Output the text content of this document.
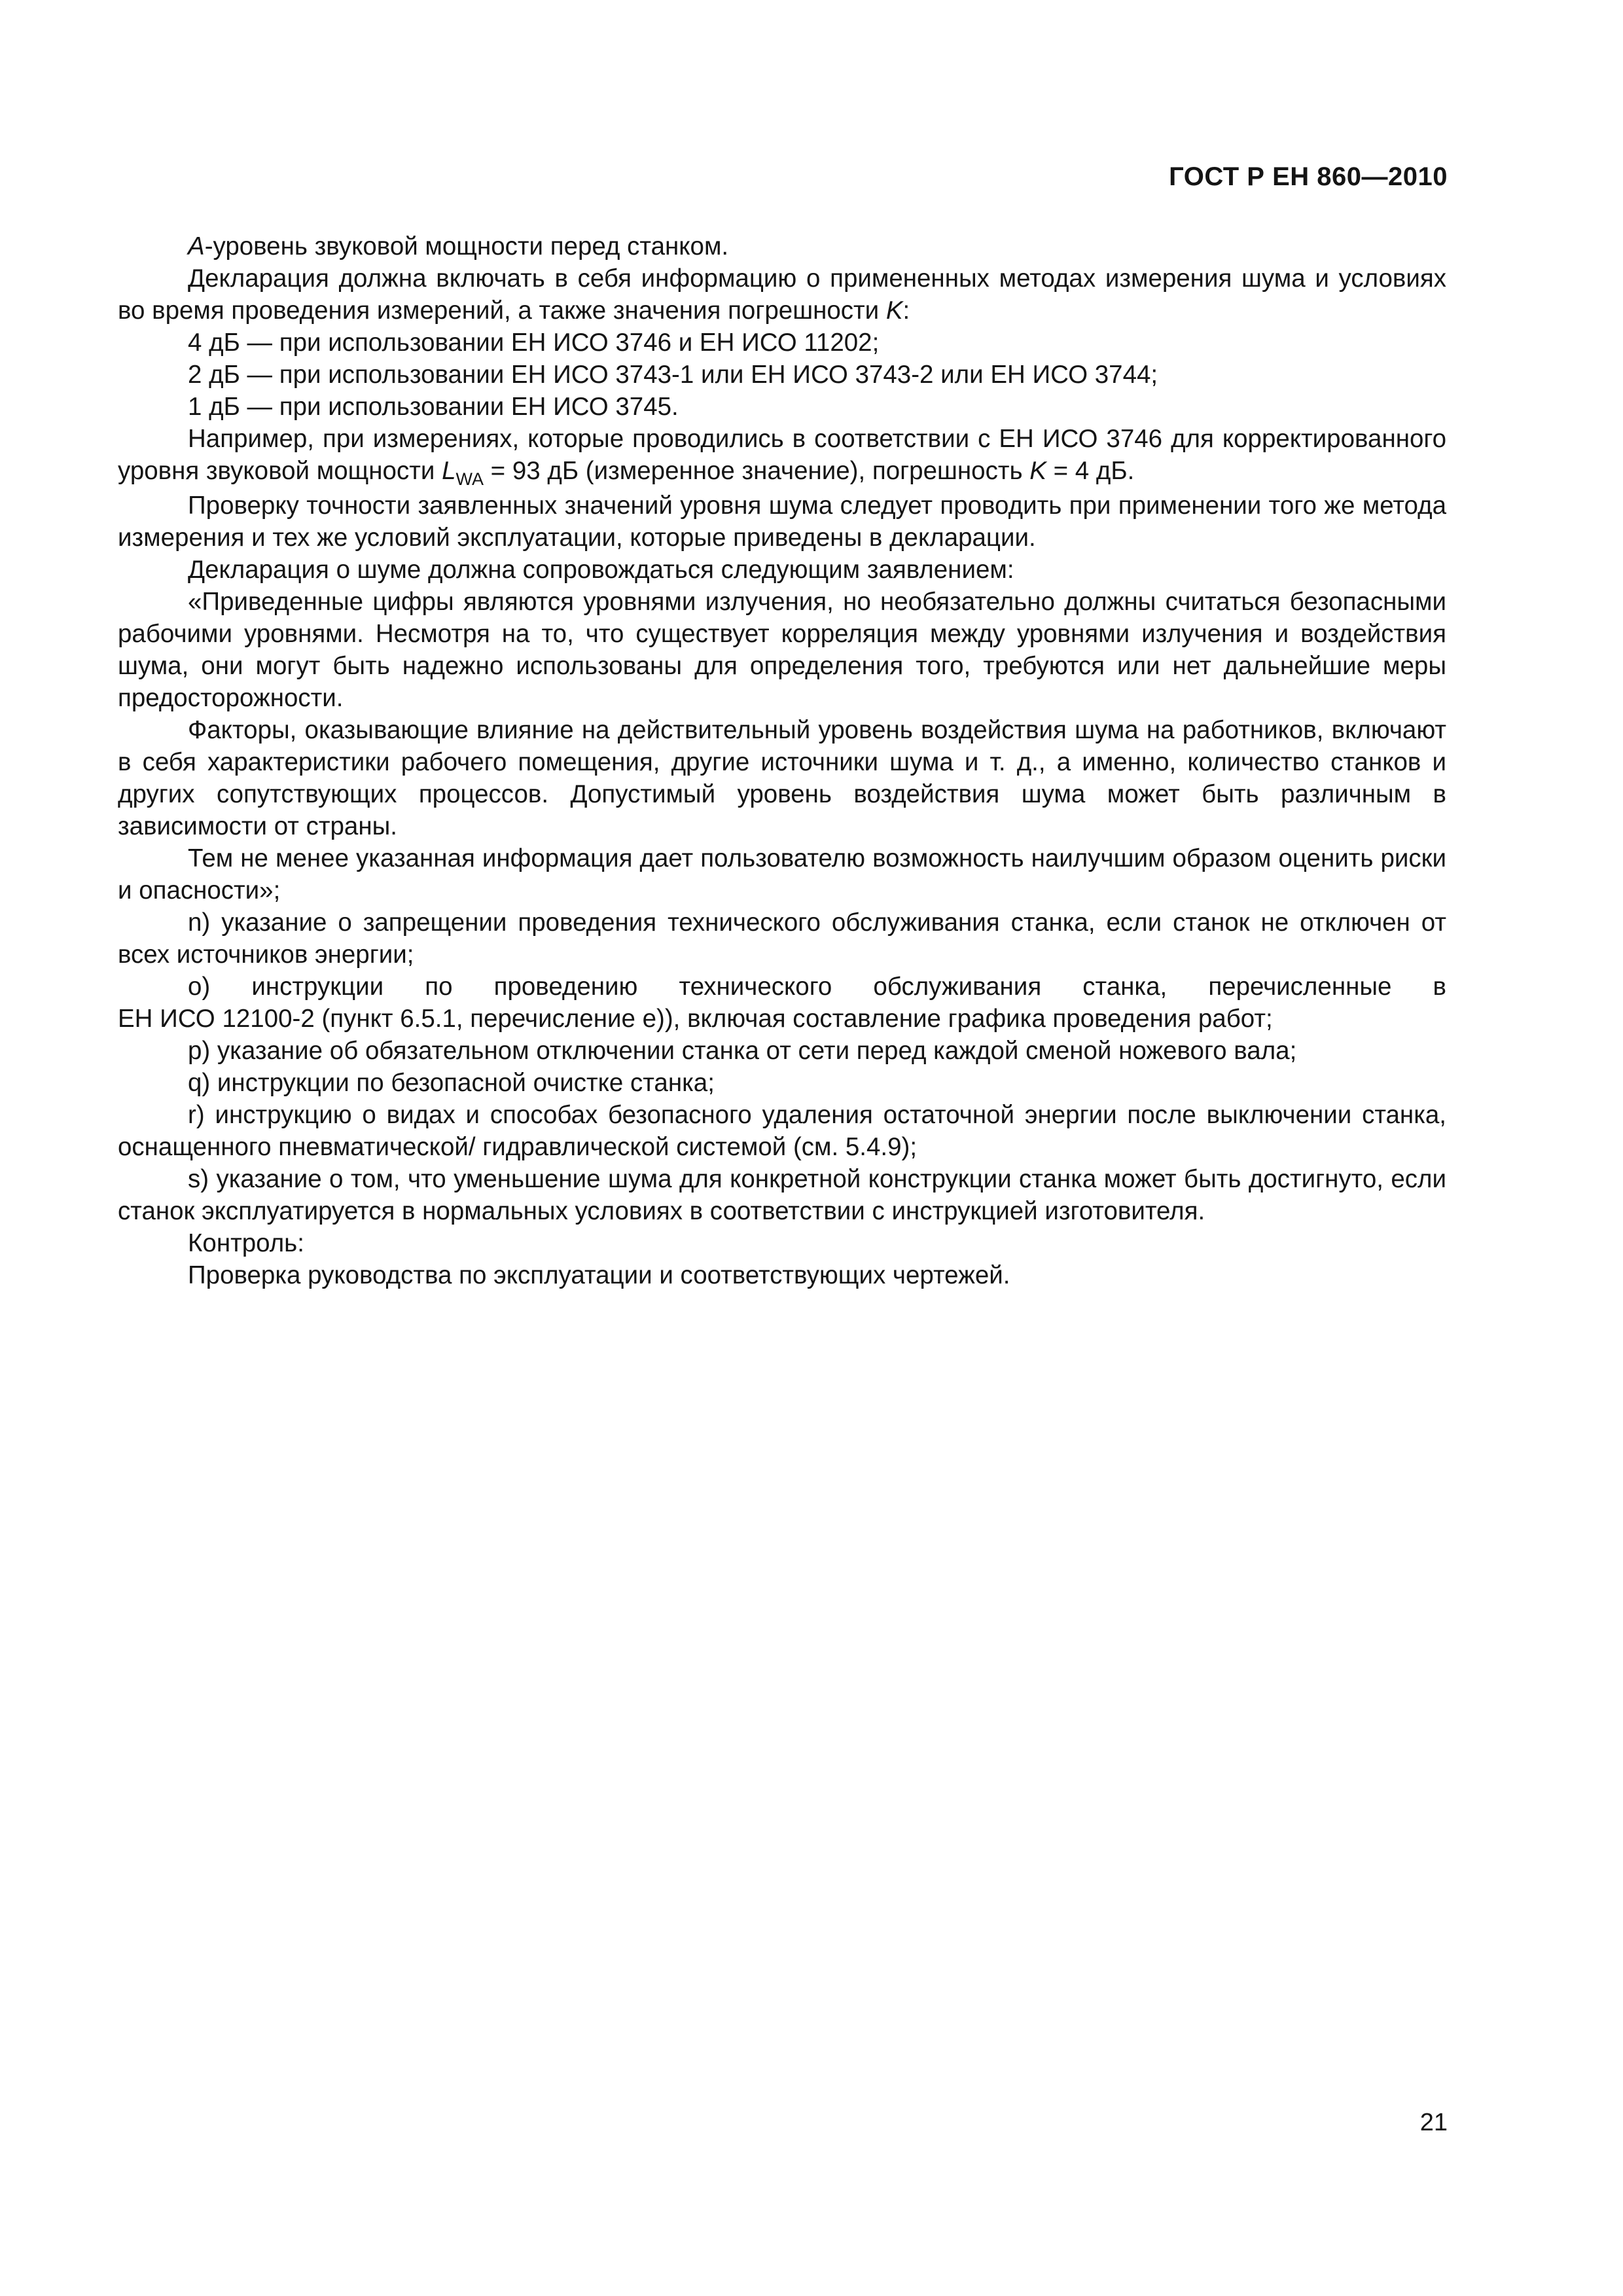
ГОСТ Р ЕН 860—2010

A-уровень звуковой мощности перед станком.

Декларация должна включать в себя информацию о примененных методах измерения шума и условиях во время проведения измерений, а также значения погрешности K:

4 дБ — при использовании ЕН ИСО 3746 и ЕН ИСО 11202;

2 дБ — при использовании ЕН ИСО 3743-1 или ЕН ИСО 3743-2 или ЕН ИСО 3744;

1 дБ — при использовании ЕН ИСО 3745.

Например, при измерениях, которые проводились в соответствии с ЕН ИСО 3746 для корректированного уровня звуковой мощности $L_{WA} = 93$ дБ (измеренное значение), погрешность K = 4 дБ.

Проверку точности заявленных значений уровня шума следует проводить при применении того же метода измерения и тех же условий эксплуатации, которые приведены в декларации.

Декларация о шуме должна сопровождаться следующим заявлением:

«Приведенные цифры являются уровнями излучения, но необязательно должны считаться безопасными рабочими уровнями. Несмотря на то, что существует корреляция между уровнями излучения и воздействия шума, они могут быть надежно использованы для определения того, требуются или нет дальнейшие меры предосторожности.

Факторы, оказывающие влияние на действительный уровень воздействия шума на работников, включают в себя характеристики рабочего помещения, другие источники шума и т. д., а именно, количество станков и других сопутствующих процессов. Допустимый уровень воздействия шума может быть различным в зависимости от страны.

Тем не менее указанная информация дает пользователю возможность наилучшим образом оценить риски и опасности»;

n) указание о запрещении проведения технического обслуживания станка, если станок не отключен от всех источников энергии;

o) инструкции по проведению технического обслуживания станка, перечисленные в

ЕН ИСО 12100-2 (пункт 6.5.1, перечисление e)), включая составление графика проведения работ;

p) указание об обязательном отключении станка от сети перед каждой сменой ножевого вала;

q) инструкции по безопасной очистке станка;

r) инструкцию о видах и способах безопасного удаления остаточной энергии после выключении станка, оснащенного пневматической/ гидравлической системой (см. 5.4.9);

s) указание о том, что уменьшение шума для конкретной конструкции станка может быть достигнуто, если станок эксплуатируется в нормальных условиях в соответствии с инструкцией изготовителя.

Контроль:

Проверка руководства по эксплуатации и соответствующих чертежей.

21
